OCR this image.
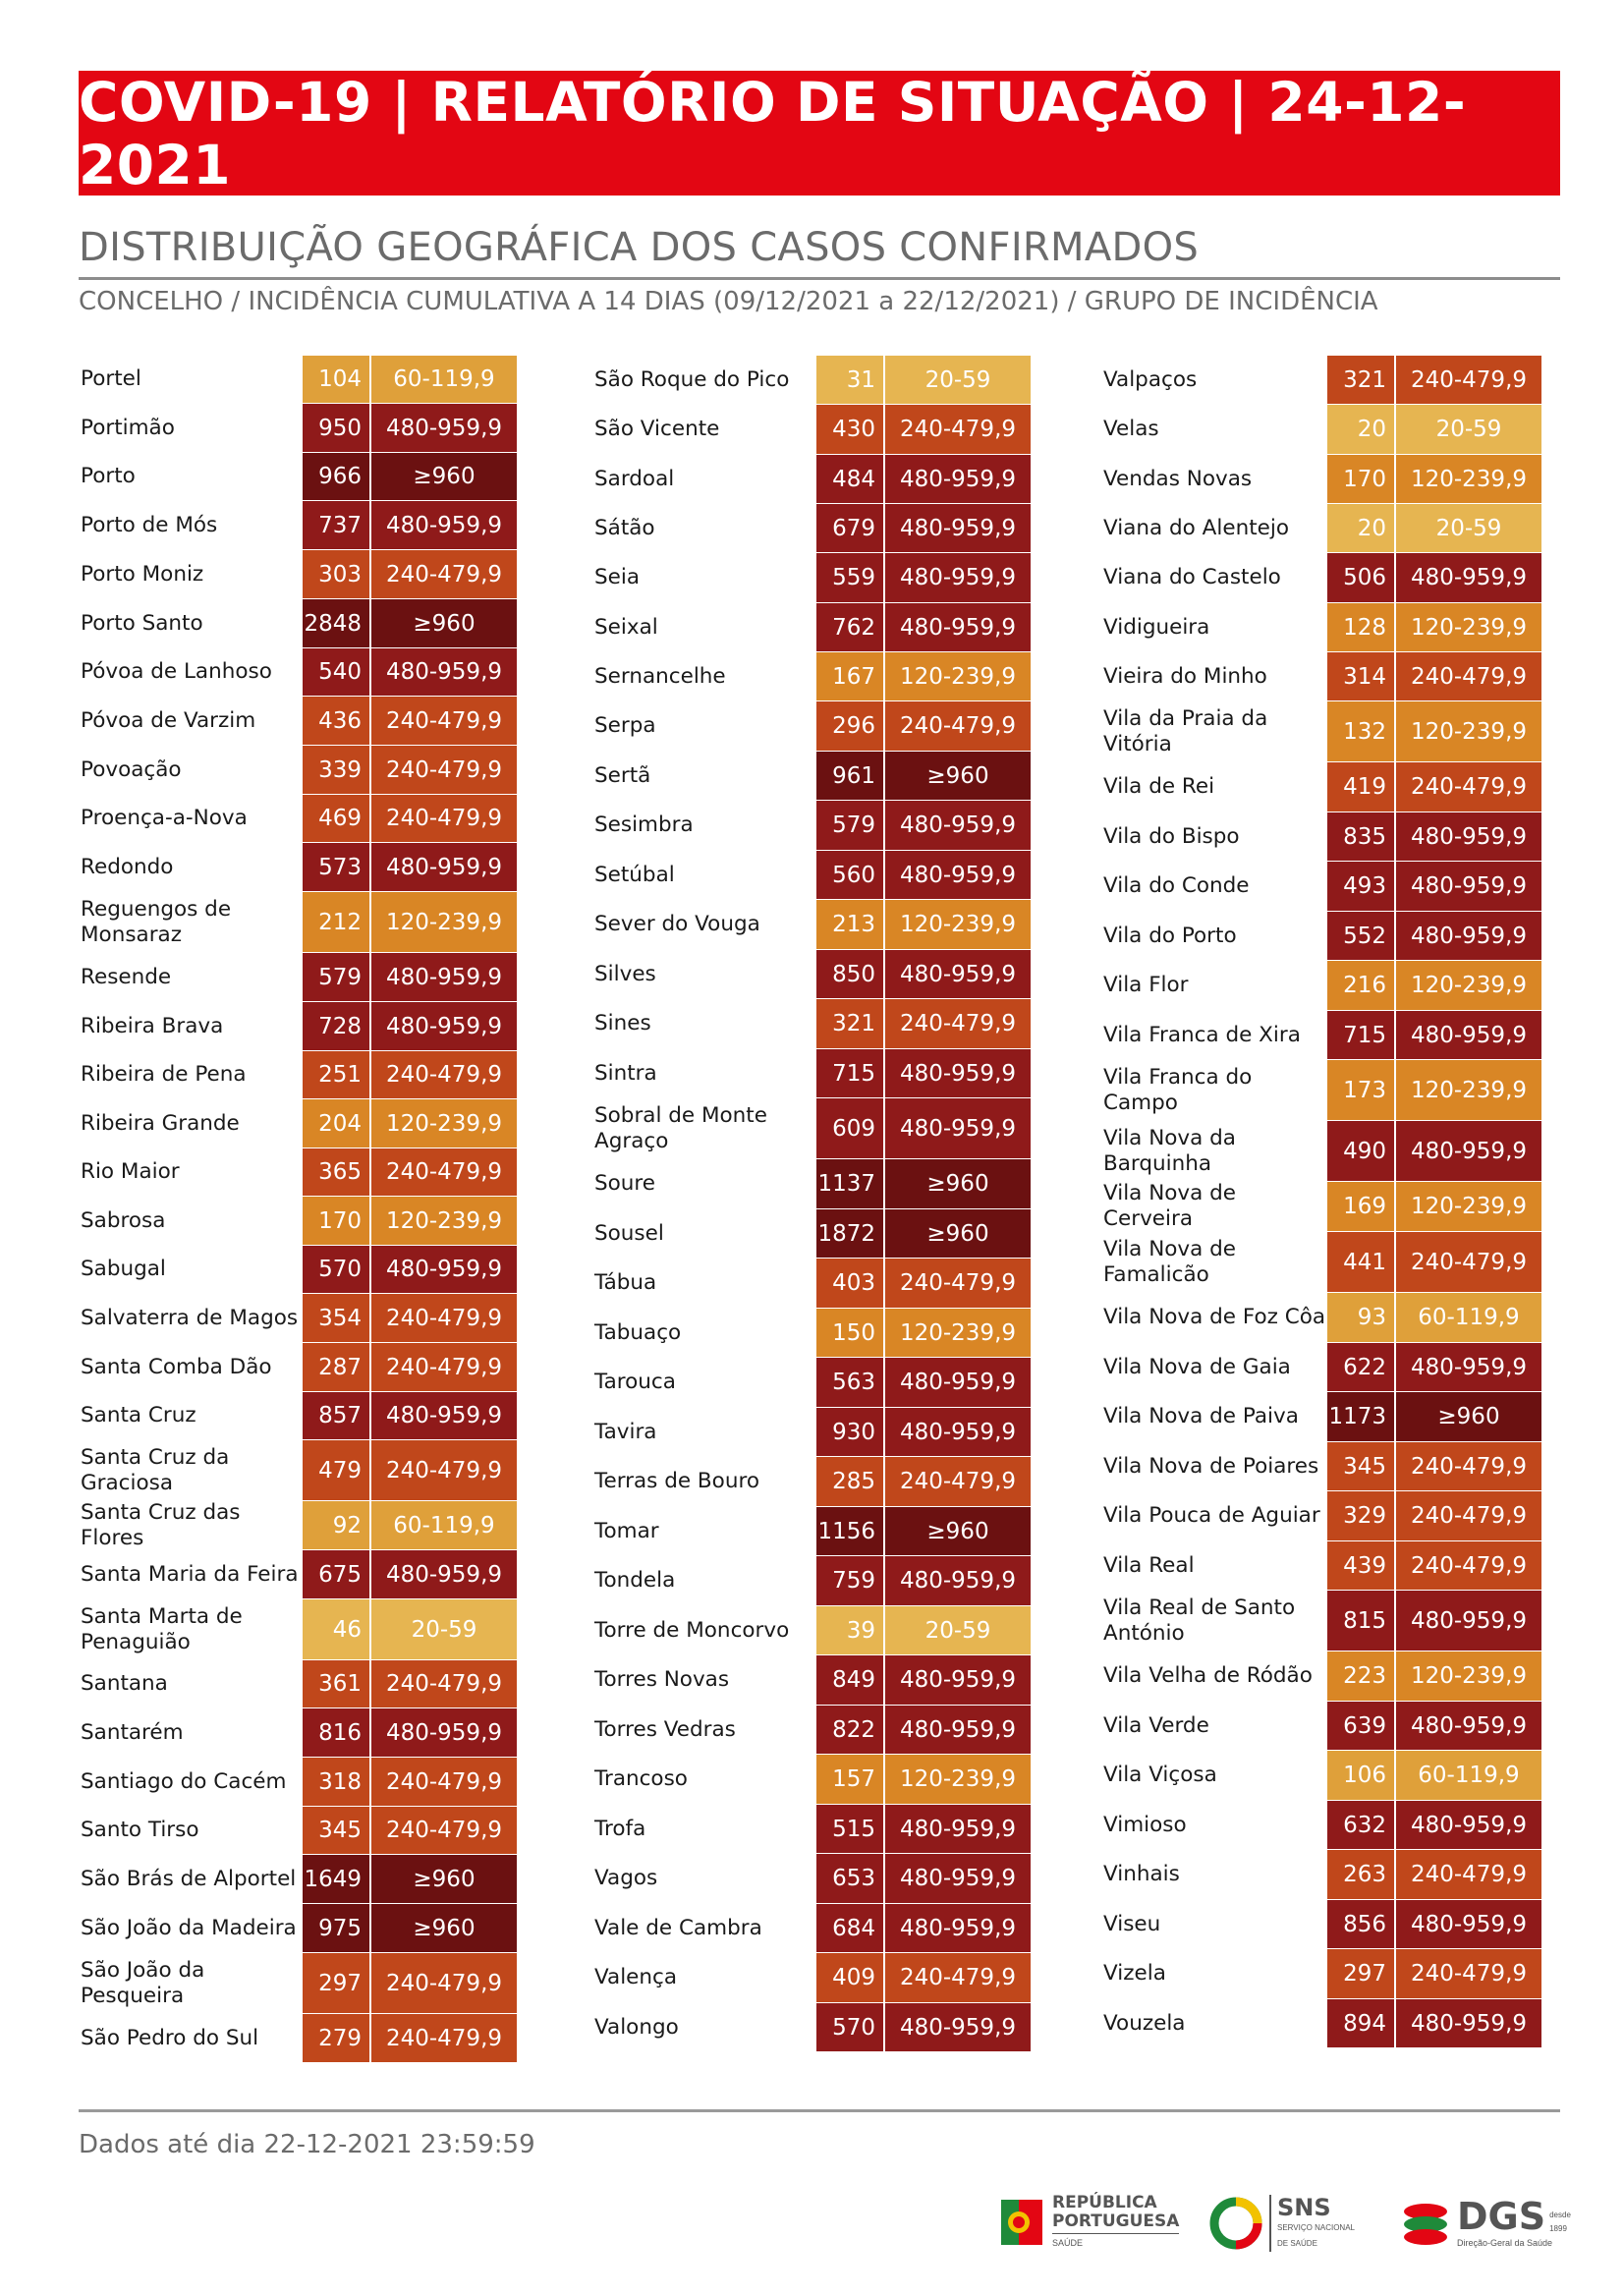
COVID-19 | RELATÓRIO DE SITUAÇÃO | 24-12-2021
DISTRIBUIÇÃO GEOGRÁFICA DOS CASOS CONFIRMADOS
CONCELHO / INCIDÊNCIA CUMULATIVA A 14 DIAS (09/12/2021 a 22/12/2021) / GRUPO DE INCIDÊNCIA
Portel	104	60-119,9
Portimão	950	480-959,9
Porto	966	≥960
Porto de Mós	737	480-959,9
Porto Moniz	303	240-479,9
Porto Santo	2848	≥960
Póvoa de Lanhoso	540	480-959,9
Póvoa de Varzim	436	240-479,9
Povoação	339	240-479,9
Proença-a-Nova	469	240-479,9
Redondo	573	480-959,9
Reguengos de Monsaraz	212	120-239,9
Resende	579	480-959,9
Ribeira Brava	728	480-959,9
Ribeira de Pena	251	240-479,9
Ribeira Grande	204	120-239,9
Rio Maior	365	240-479,9
Sabrosa	170	120-239,9
Sabugal	570	480-959,9
Salvaterra de Magos 354	240-479,9
Santa Comba Dão	287	240-479,9
Santa Cruz	857	480-959,9
Santa Cruz da Graciosa	479	240-479,9
Santa Cruz das Flores	92	60-119,9
Santa Maria da Feira 675	480-959,9
Santa Marta de Penaguião	46	20-59
Santana	361	240-479,9
Santarém	816	480-959,9
Santiago do Cacém	318	240-479,9
Santo Tirso	345	240-479,9
São Brás de Alportel 1649	≥960
São João da Madeira 975	≥960
São João da Pesqueira	297	240-479,9
São Pedro do Sul	279	240-479,9
São Roque do Pico	31	20-59
São Vicente	430	240-479,9
Sardoal	484	480-959,9
Sátão	679	480-959,9
Seia	559	480-959,9
Seixal	762	480-959,9
Sernancelhe	167	120-239,9
Serpa	296	240-479,9
Sertã	961	≥960
Sesimbra	579	480-959,9
Setúbal	560	480-959,9
Sever do Vouga	213	120-239,9
Silves	850	480-959,9
Sines	321	240-479,9
Sintra	715	480-959,9
Sobral de Monte Agraço	609	480-959,9
Soure	1137	≥960
Sousel	1872	≥960
Tábua	403	240-479,9
Tabuaço	150	120-239,9
Tarouca	563	480-959,9
Tavira	930	480-959,9
Terras de Bouro	285	240-479,9
Tomar	1156	≥960
Tondela	759	480-959,9
Torre de Moncorvo	39	20-59
Torres Novas	849	480-959,9
Torres Vedras	822	480-959,9
Trancoso	157	120-239,9
Trofa	515	480-959,9
Vagos	653	480-959,9
Vale de Cambra	684	480-959,9
Valença	409	240-479,9
Valongo	570	480-959,9
Valpaços	321	240-479,9
Velas	20	20-59
Vendas Novas	170	120-239,9
Viana do Alentejo	20	20-59
Viana do Castelo	506	480-959,9
Vidigueira	128	120-239,9
Vieira do Minho	314	240-479,9
Vila da Praia da Vitória	132	120-239,9
Vila de Rei	419	240-479,9
Vila do Bispo	835	480-959,9
Vila do Conde	493	480-959,9
Vila do Porto	552	480-959,9
Vila Flor	216	120-239,9
Vila Franca de Xira	715	480-959,9
Vila Franca do Campo	173	120-239,9
Vila Nova da Barquinha	490	480-959,9
Vila Nova de Cerveira	169	120-239,9
Vila Nova de Famalicão	441	240-479,9
Vila Nova de Foz Côa	93	60-119,9
Vila Nova de Gaia	622	480-959,9
Vila Nova de Paiva	1173	≥960
Vila Nova de Poiares	345	240-479,9
Vila Pouca de Aguiar	329	240-479,9
Vila Real	439	240-479,9
Vila Real de Santo António	815	480-959,9
Vila Velha de Ródão	223	120-239,9
Vila Verde	639	480-959,9
Vila Viçosa	106	60-119,9
Vimioso	632	480-959,9
Vinhais	263	240-479,9
Viseu	856	480-959,9
Vizela	297	240-479,9
Vouzela	894	480-959,9
Dados até dia 22-12-2021 23:59:59
REPÚBLICA
PORTUGUESA
SAÚDE
SNS
SERVIÇO NACIONAL
DE SAÚDE
DGS desde 1899
Direção-Geral da Saúde
